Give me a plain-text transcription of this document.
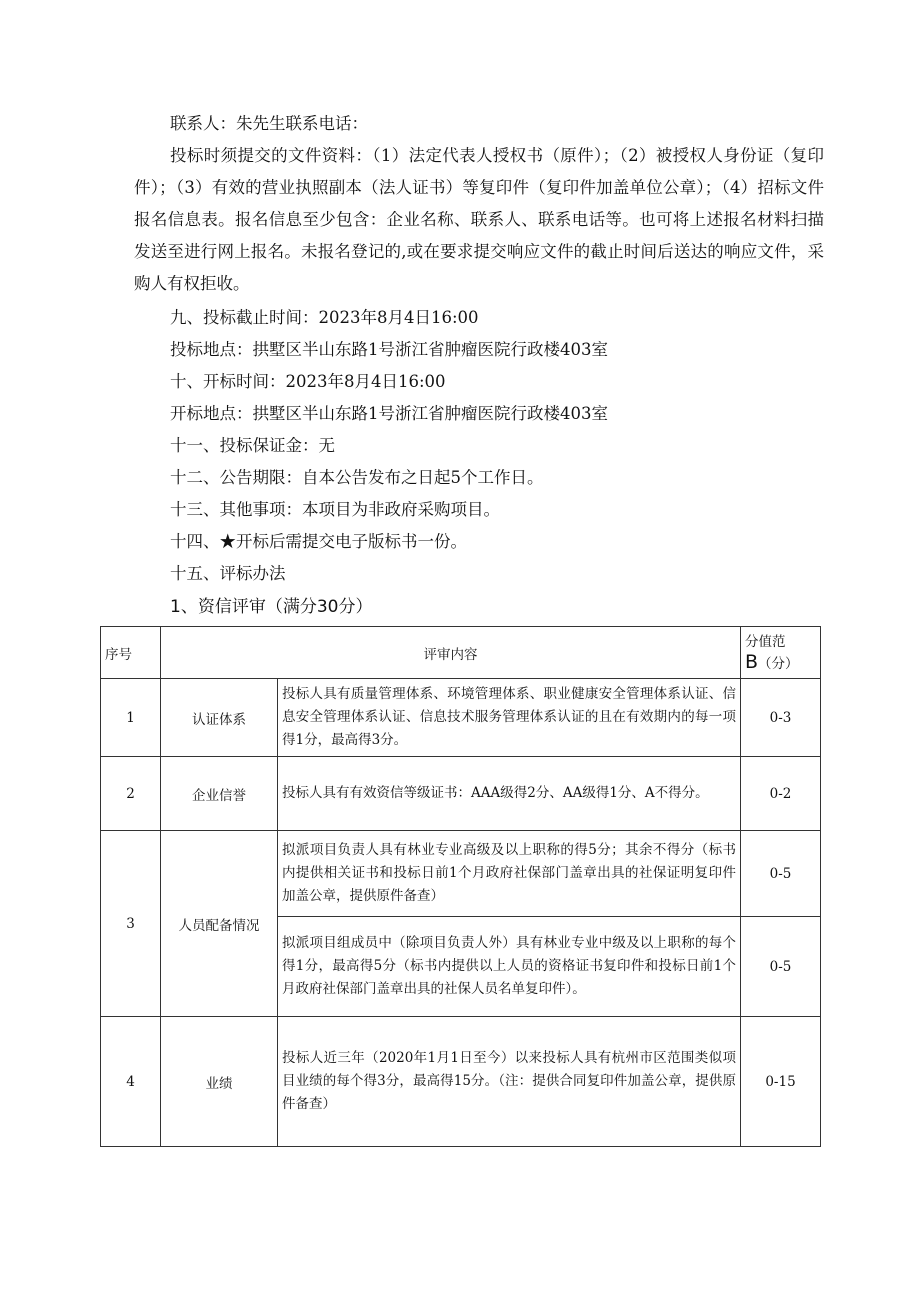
联系人：朱先生联系电话：

投标时须提交的文件资料：（1）法定代表人授权书（原件）；（2）被授权人身份证（复印件）；（3）有效的营业执照副本（法人证书）等复印件（复印件加盖单位公章）；（4）招标文件报名信息表。报名信息至少包含：企业名称、联系人、联系电话等。也可将上述报名材料扫描发送至进行网上报名。未报名登记的,或在要求提交响应文件的截止时间后送达的响应文件，采购人有权拒收。

九、投标截止时间：2023年8月4日16:00

投标地点：拱墅区半山东路1号浙江省肿瘤医院行政楼403室

十、开标时间：2023年8月4日16:00

开标地点：拱墅区半山东路1号浙江省肿瘤医院行政楼403室

十一、投标保证金：无

十二、公告期限：自本公告发布之日起5个工作日。

十三、其他事项：本项目为非政府采购项目。

十四、★开标后需提交电子版标书一份。

十五、评标办法

1、资信评审（满分30分）
序号	评审内容		分值范
B（分）
1	认证体系	投标人具有质量管理体系、环境管理体系、职业健康安全管理体系认证、信息安全管理体系认证、信息技术服务管理体系认证的且在有效期内的每一项得1分，最高得3分。	0-3
2	企业信誉	投标人具有有效资信等级证书：AAA级得2分、AA级得1分、A不得分。	0-2
3	人员配备情况	拟派项目负责人具有林业专业高级及以上职称的得5分；其余不得分（标书内提供相关证书和投标日前1个月政府社保部门盖章出具的社保证明复印件加盖公章，提供原件备查）	0-5
		拟派项目组成员中（除项目负责人外）具有林业专业中级及以上职称的每个得1分，最高得5分（标书内提供以上人员的资格证书复印件和投标日前1个月政府社保部门盖章出具的社保人员名单复印件）。	0-5
4	业绩	投标人近三年（2020年1月1日至今）以来投标人具有杭州市区范围类似项目业绩的每个得3分，最高得15分。（注：提供合同复印件加盖公章，提供原件备查）	0-15
